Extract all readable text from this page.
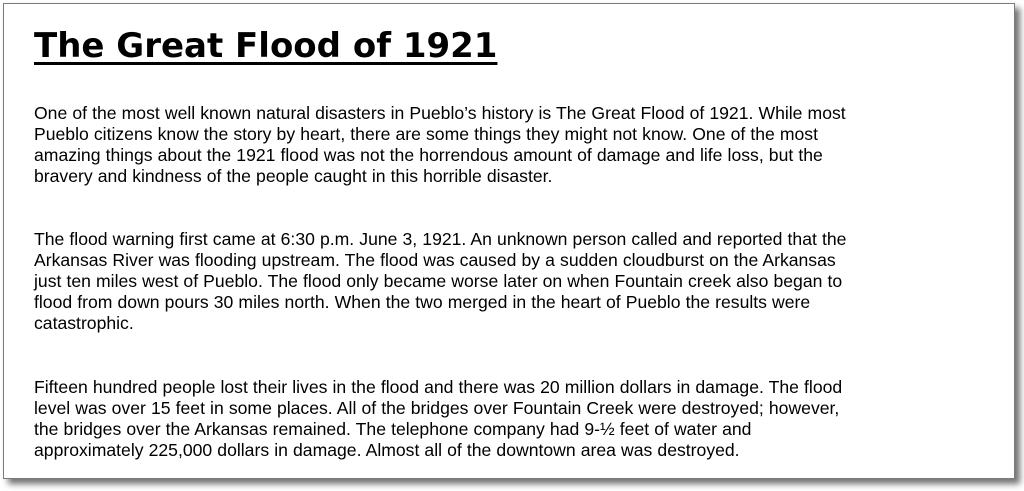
The Great Flood of 1921

One of the most well known natural disasters in Pueblo’s history is The Great Flood of 1921. While most
Pueblo citizens know the story by heart, there are some things they might not know. One of the most
amazing things about the 1921 flood was not the horrendous amount of damage and life loss, but the
bravery and kindness of the people caught in this horrible disaster.

The flood warning first came at 6:30 p.m. June 3, 1921. An unknown person called and reported that the
Arkansas River was flooding upstream. The flood was caused by a sudden cloudburst on the Arkansas
just ten miles west of Pueblo. The flood only became worse later on when Fountain creek also began to
flood from down pours 30 miles north. When the two merged in the heart of Pueblo the results were
catastrophic.

Fifteen hundred people lost their lives in the flood and there was 20 million dollars in damage. The flood
level was over 15 feet in some places. All of the bridges over Fountain Creek were destroyed; however,
the bridges over the Arkansas remained. The telephone company had 9-½ feet of water and
approximately 225,000 dollars in damage. Almost all of the downtown area was destroyed.
